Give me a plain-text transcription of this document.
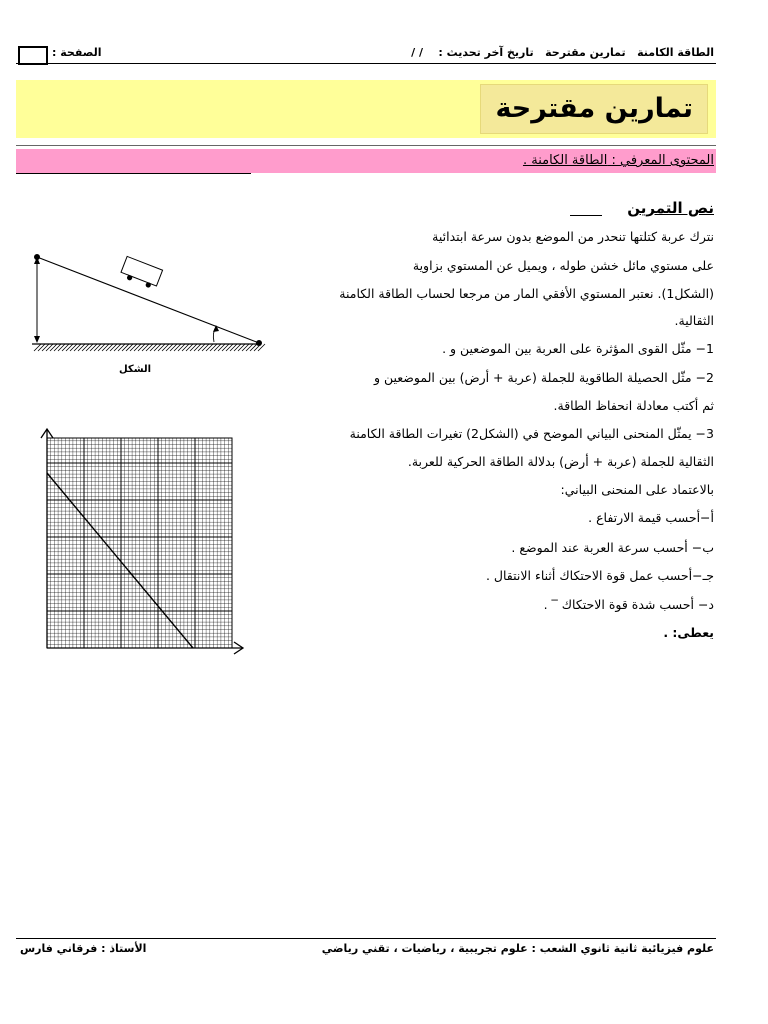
الطاقة الكامنة   تمارين مقترحة   تاريخ آخر تحديث :    / /
الصفحة :
تمارين مقترحة
المحتوى المعرفي : الطاقة الكامنة .
نص التمرين
نترك عربة كتلتها تنحدر من الموضع بدون سرعة ابتدائية
على مستوي مائل خشن طوله ، ويميل عن المستوي بزاوية
(الشكل1). نعتبر المستوي الأفقي المار من مرجعا لحساب الطاقة الكامنة
الثقالية.
1− مثّل القوى المؤثرة على العربة بين الموضعين و .
2− مثّل الحصيلة الطاقوية للجملة (عربة + أرض) بين الموضعين و
ثم أكتب معادلة انحفاظ الطاقة.
3− يمثّل المنحنى البياني الموضح في (الشكل2) تغيرات الطاقة الكامنة
الثقالية للجملة (عربة + أرض) بدلالة الطاقة الحركية للعربة.
بالاعتماد على المنحنى البياني:
أ−أحسب قيمة الارتفاع .
ب− أحسب سرعة العربة عند الموضع .
جـ−أحسب عمل قوة الاحتكاك أثناء الانتقال .
د− أحسب شدة قوة الاحتكاك ‾ .
يعطى: .
الشكل
علوم فيزيائية ثانية ثانوي الشعب : علوم تجريبية ، رياضيات ، تقني رياضي
الأستاذ : فرقاني فارس
